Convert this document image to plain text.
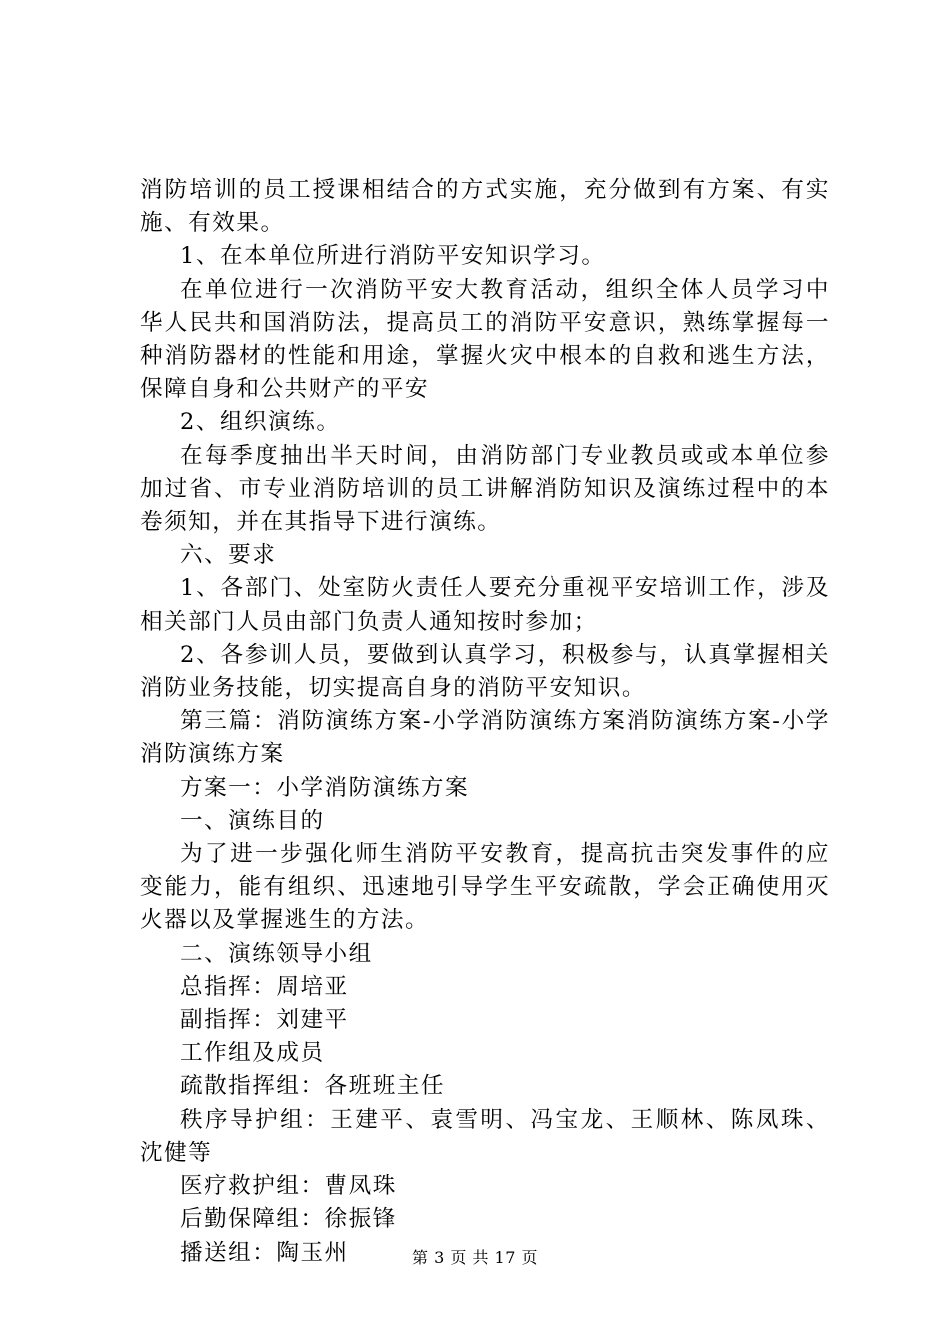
消防培训的员工授课相结合的方式实施，充分做到有方案、有实施、有效果。

1、在本单位所进行消防平安知识学习。

在单位进行一次消防平安大教育活动，组织全体人员学习中华人民共和国消防法，提高员工的消防平安意识，熟练掌握每一种消防器材的性能和用途，掌握火灾中根本的自救和逃生方法，保障自身和公共财产的平安

2、组织演练。

在每季度抽出半天时间，由消防部门专业教员或或本单位参加过省、市专业消防培训的员工讲解消防知识及演练过程中的本卷须知，并在其指导下进行演练。

六、要求

1、各部门、处室防火责任人要充分重视平安培训工作，涉及相关部门人员由部门负责人通知按时参加；

2、各参训人员，要做到认真学习，积极参与，认真掌握相关消防业务技能，切实提高自身的消防平安知识。

第三篇：消防演练方案-小学消防演练方案消防演练方案-小学消防演练方案

方案一：小学消防演练方案

一、演练目的

为了进一步强化师生消防平安教育，提高抗击突发事件的应变能力，能有组织、迅速地引导学生平安疏散，学会正确使用灭火器以及掌握逃生的方法。

二、演练领导小组

总指挥：周培亚

副指挥：刘建平

工作组及成员

疏散指挥组：各班班主任

秩序导护组：王建平、袁雪明、冯宝龙、王顺林、陈凤珠、沈健等

医疗救护组：曹凤珠

后勤保障组：徐振锋

播送组：陶玉州	第 3 页 共 17 页
